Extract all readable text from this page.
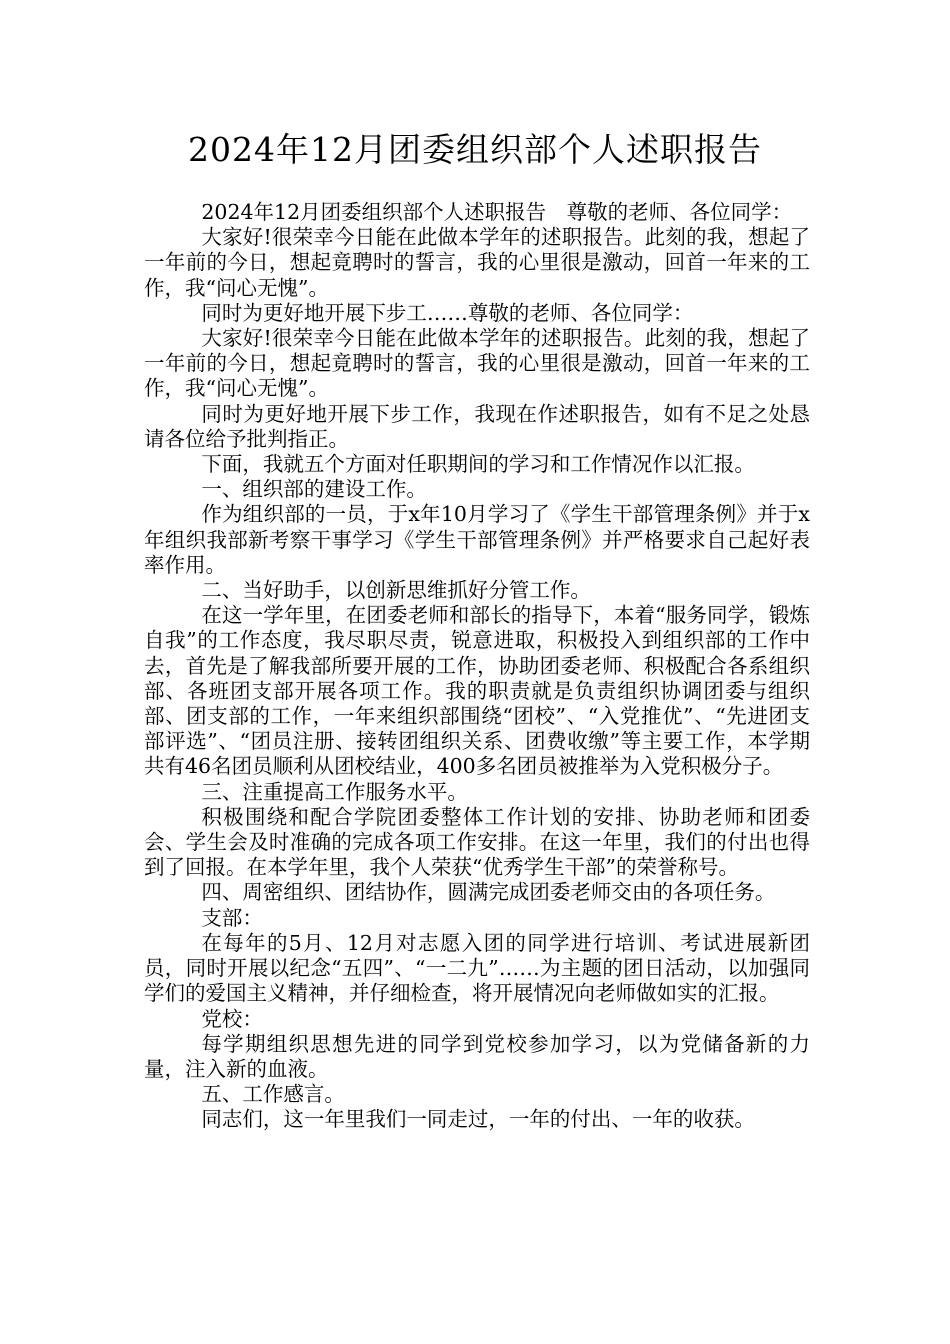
2024年12月团委组织部个人述职报告

2024年12月团委组织部个人述职报告　尊敬的老师、各位同学：

大家好!很荣幸今日能在此做本学年的述职报告。此刻的我，想起了一年前的今日，想起竟聘时的誓言，我的心里很是激动，回首一年来的工作，我“问心无愧”。

同时为更好地开展下步工……尊敬的老师、各位同学：

大家好!很荣幸今日能在此做本学年的述职报告。此刻的我，想起了一年前的今日，想起竟聘时的誓言，我的心里很是激动，回首一年来的工作，我“问心无愧”。

同时为更好地开展下步工作，我现在作述职报告，如有不足之处恳请各位给予批判指正。

下面，我就五个方面对任职期间的学习和工作情况作以汇报。

一、组织部的建设工作。

作为组织部的一员，于x年10月学习了《学生干部管理条例》并于x年组织我部新考察干事学习《学生干部管理条例》并严格要求自己起好表率作用。

二、当好助手，以创新思维抓好分管工作。

在这一学年里，在团委老师和部长的指导下，本着“服务同学，锻炼自我”的工作态度，我尽职尽责，锐意进取，积极投入到组织部的工作中去，首先是了解我部所要开展的工作，协助团委老师、积极配合各系组织部、各班团支部开展各项工作。我的职责就是负责组织协调团委与组织部、团支部的工作，一年来组织部围绕“团校”、“入党推优”、“先进团支部评选”、“团员注册、接转团组织关系、团费收缴”等主要工作，本学期共有46名团员顺利从团校结业，400多名团员被推举为入党积极分子。

三、注重提高工作服务水平。

积极围绕和配合学院团委整体工作计划的安排、协助老师和团委会、学生会及时准确的完成各项工作安排。在这一年里，我们的付出也得到了回报。在本学年里，我个人荣获“优秀学生干部”的荣誉称号。

四、周密组织、团结协作，圆满完成团委老师交由的各项任务。

支部：

在每年的5月、12月对志愿入团的同学进行培训、考试进展新团员，同时开展以纪念“五四”、“一二九”……为主题的团日活动，以加强同学们的爱国主义精神，并仔细检查，将开展情况向老师做如实的汇报。

党校：

每学期组织思想先进的同学到党校参加学习，以为党储备新的力量，注入新的血液。

五、工作感言。

同志们，这一年里我们一同走过，一年的付出、一年的收获。
